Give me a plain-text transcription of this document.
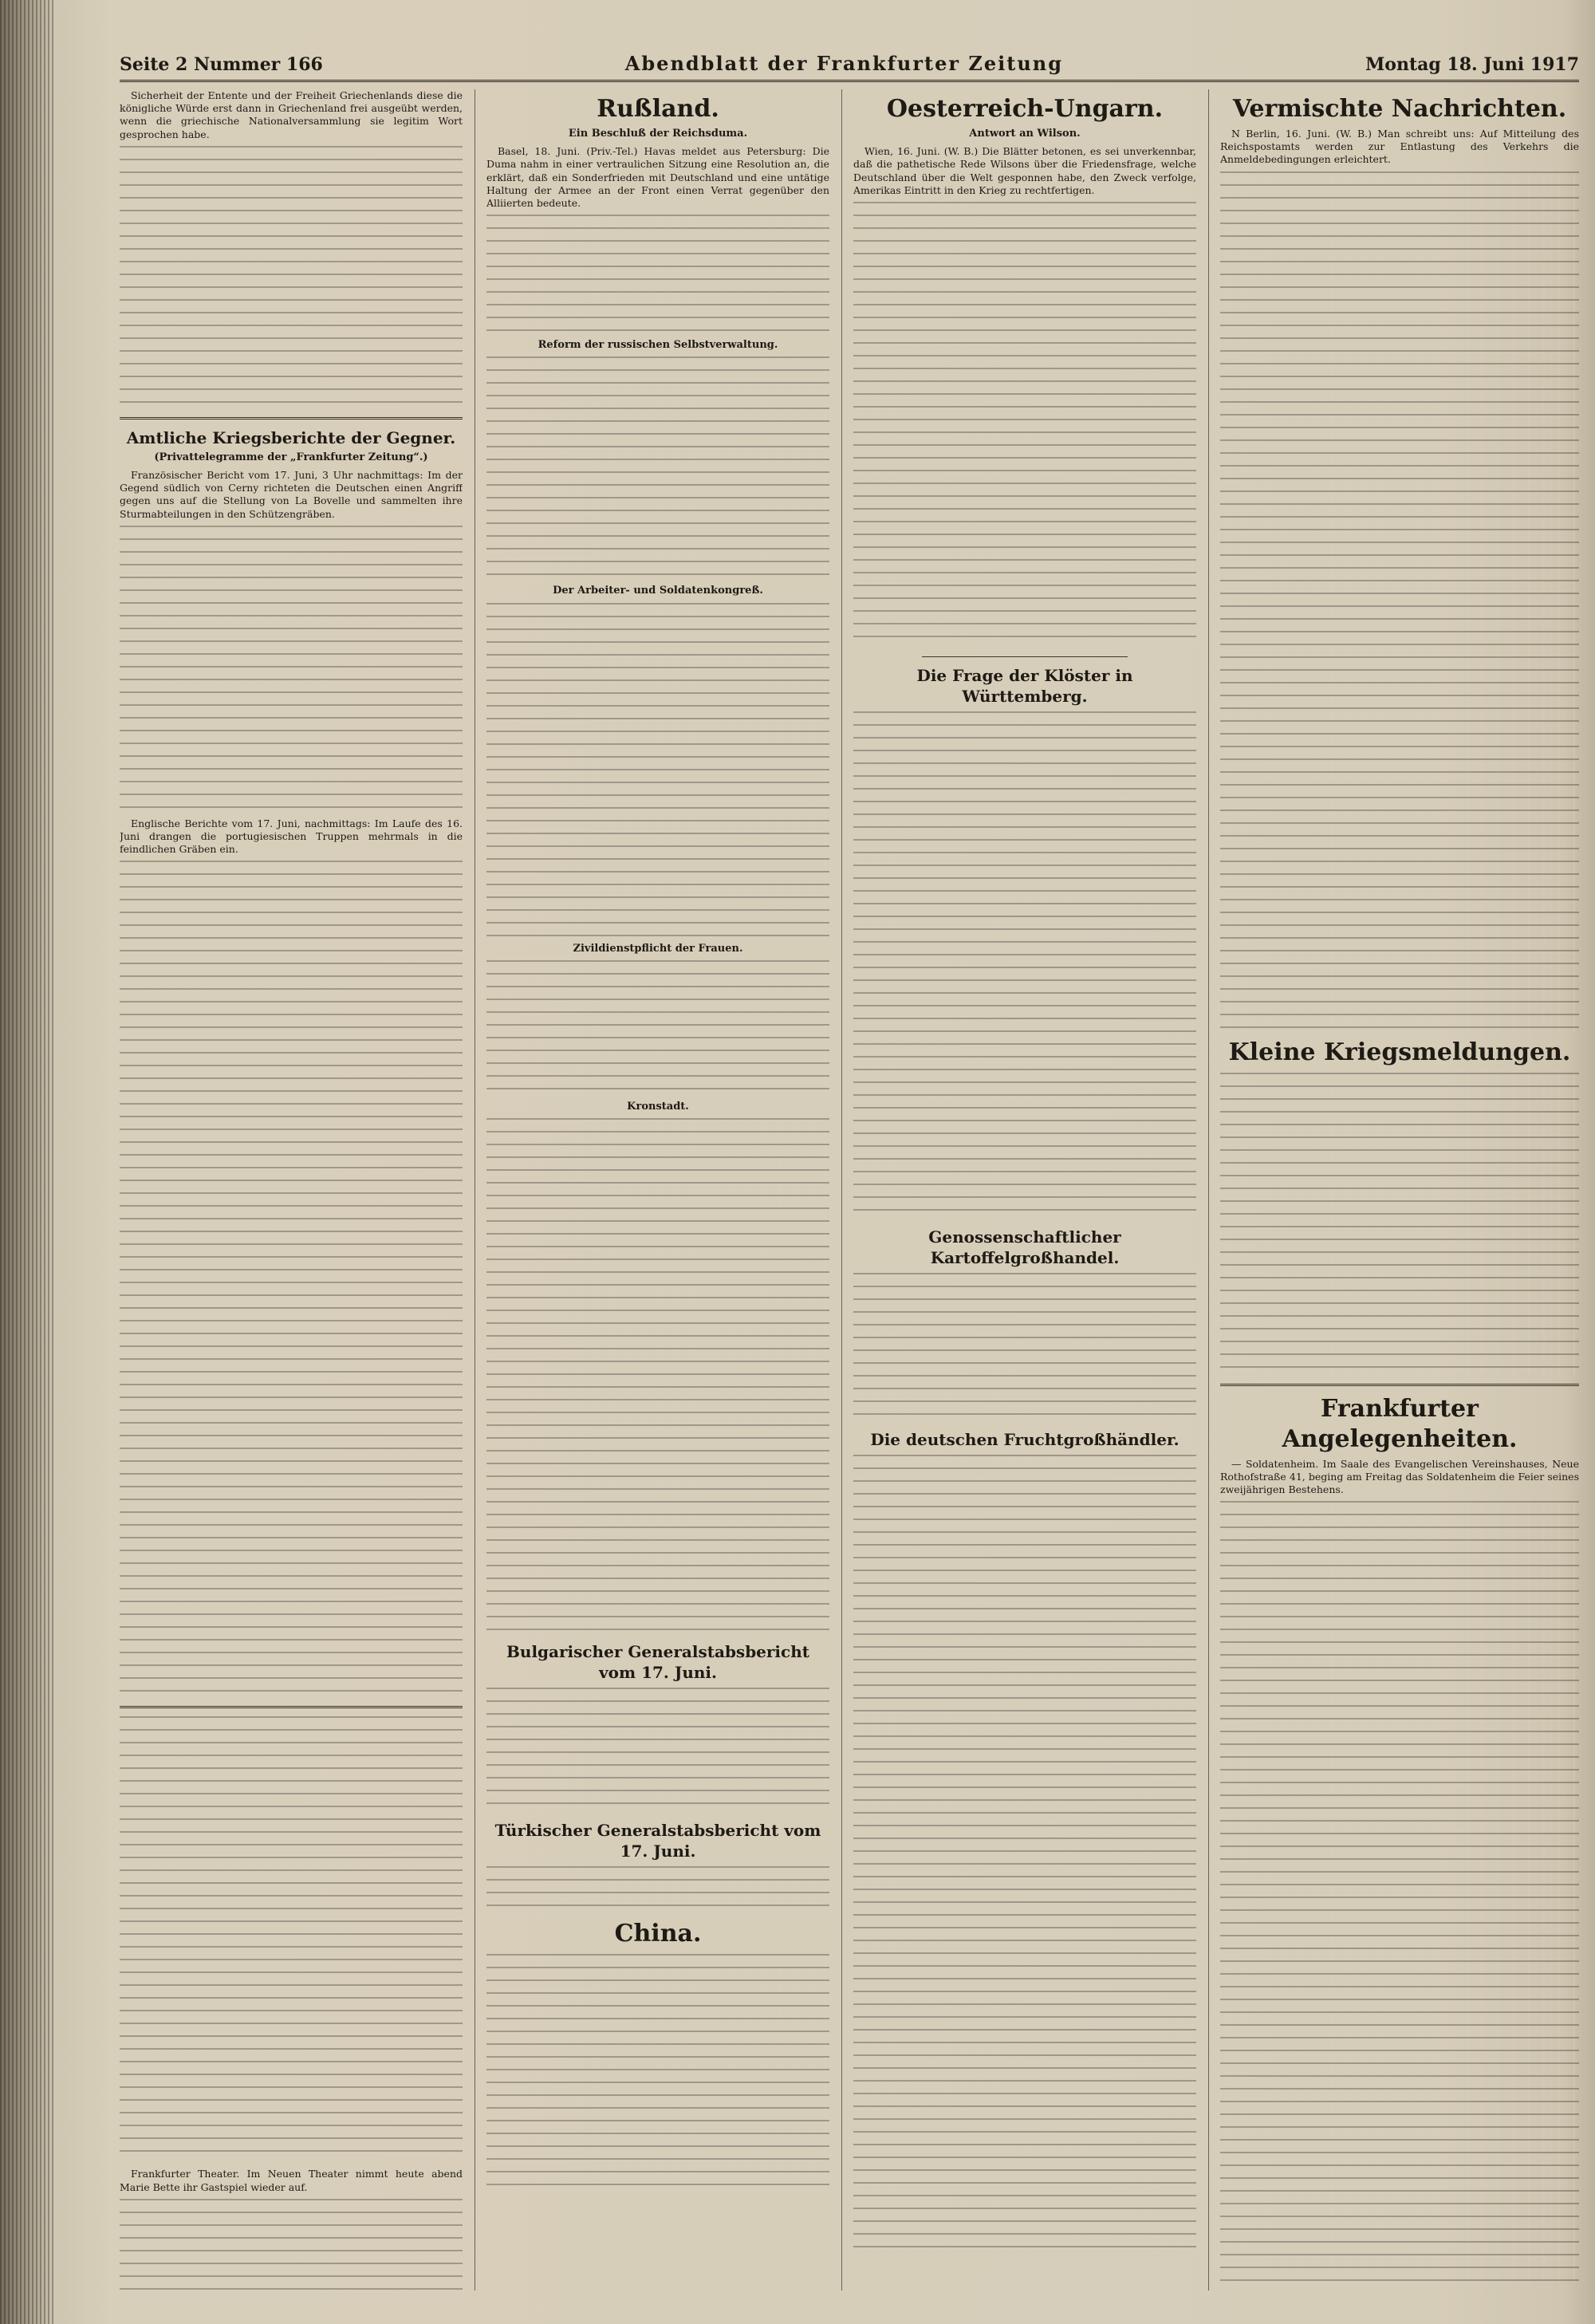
Seite 2 Nummer 166	Abendblatt der Frankfurter Zeitung	Montag 18. Juni 1917

Sicherheit der Entente und der Freiheit Griechenlands diese die königliche Würde erst dann in Griechenland frei ausgeübt werden, wenn die griechische Nationalversammlung sie legitim Wort gesprochen habe.

Amtliche Kriegsberichte der Gegner.
(Privattelegramme der „Frankfurter Zeitung“.)

Französischer Bericht vom 17. Juni, 3 Uhr nachmittags: Im der Gegend südlich von Cerny richteten die Deutschen einen Angriff gegen uns auf die Stellung von La Bovelle und sammelten ihre Sturmabteilungen in den Schützengräben.

Englische Berichte vom 17. Juni, nachmittags: Im Laufe des 16. Juni drangen die portugiesischen Truppen mehrmals in die feindlichen Gräben ein.

Frankfurter Theater. Im Neuen Theater nimmt heute abend Marie Bette ihr Gastspiel wieder auf.

Rußland.
Ein Beschluß der Reichsduma.

Basel, 18. Juni. (Priv.-Tel.) Havas meldet aus Petersburg: Die Duma nahm in einer vertraulichen Sitzung eine Resolution an, die erklärt, daß ein Sonderfrieden mit Deutschland und eine untätige Haltung der Armee an der Front einen Verrat gegenüber den Alliierten bedeute.

Reform der russischen Selbstverwaltung.
Der Arbeiter- und Soldatenkongreß.
Zivildienstpflicht der Frauen.
Kronstadt.
Bulgarischer Generalstabsbericht vom 17. Juni.
Türkischer Generalstabsbericht vom 17. Juni.
China.
Oesterreich-Ungarn.
Antwort an Wilson.

Wien, 16. Juni. (W. B.) Die Blätter betonen, es sei unverkennbar, daß die pathetische Rede Wilsons über die Friedensfrage, welche Deutschland über die Welt gesponnen habe, den Zweck verfolge, Amerikas Eintritt in den Krieg zu rechtfertigen.

Die Frage der Klöster in Württemberg.
Genossenschaftlicher Kartoffelgroßhandel.
Die deutschen Fruchtgroßhändler.
Vermischte Nachrichten.

N Berlin, 16. Juni. (W. B.) Man schreibt uns: Auf Mitteilung des Reichspostamts werden zur Entlastung des Verkehrs die Anmeldebedingungen erleichtert.

Kleine Kriegsmeldungen.
Frankfurter Angelegenheiten.

— Soldatenheim. Im Saale des Evangelischen Vereinshauses, Neue Rothofstraße 41, beging am Freitag das Soldatenheim die Feier seines zweijährigen Bestehens.
